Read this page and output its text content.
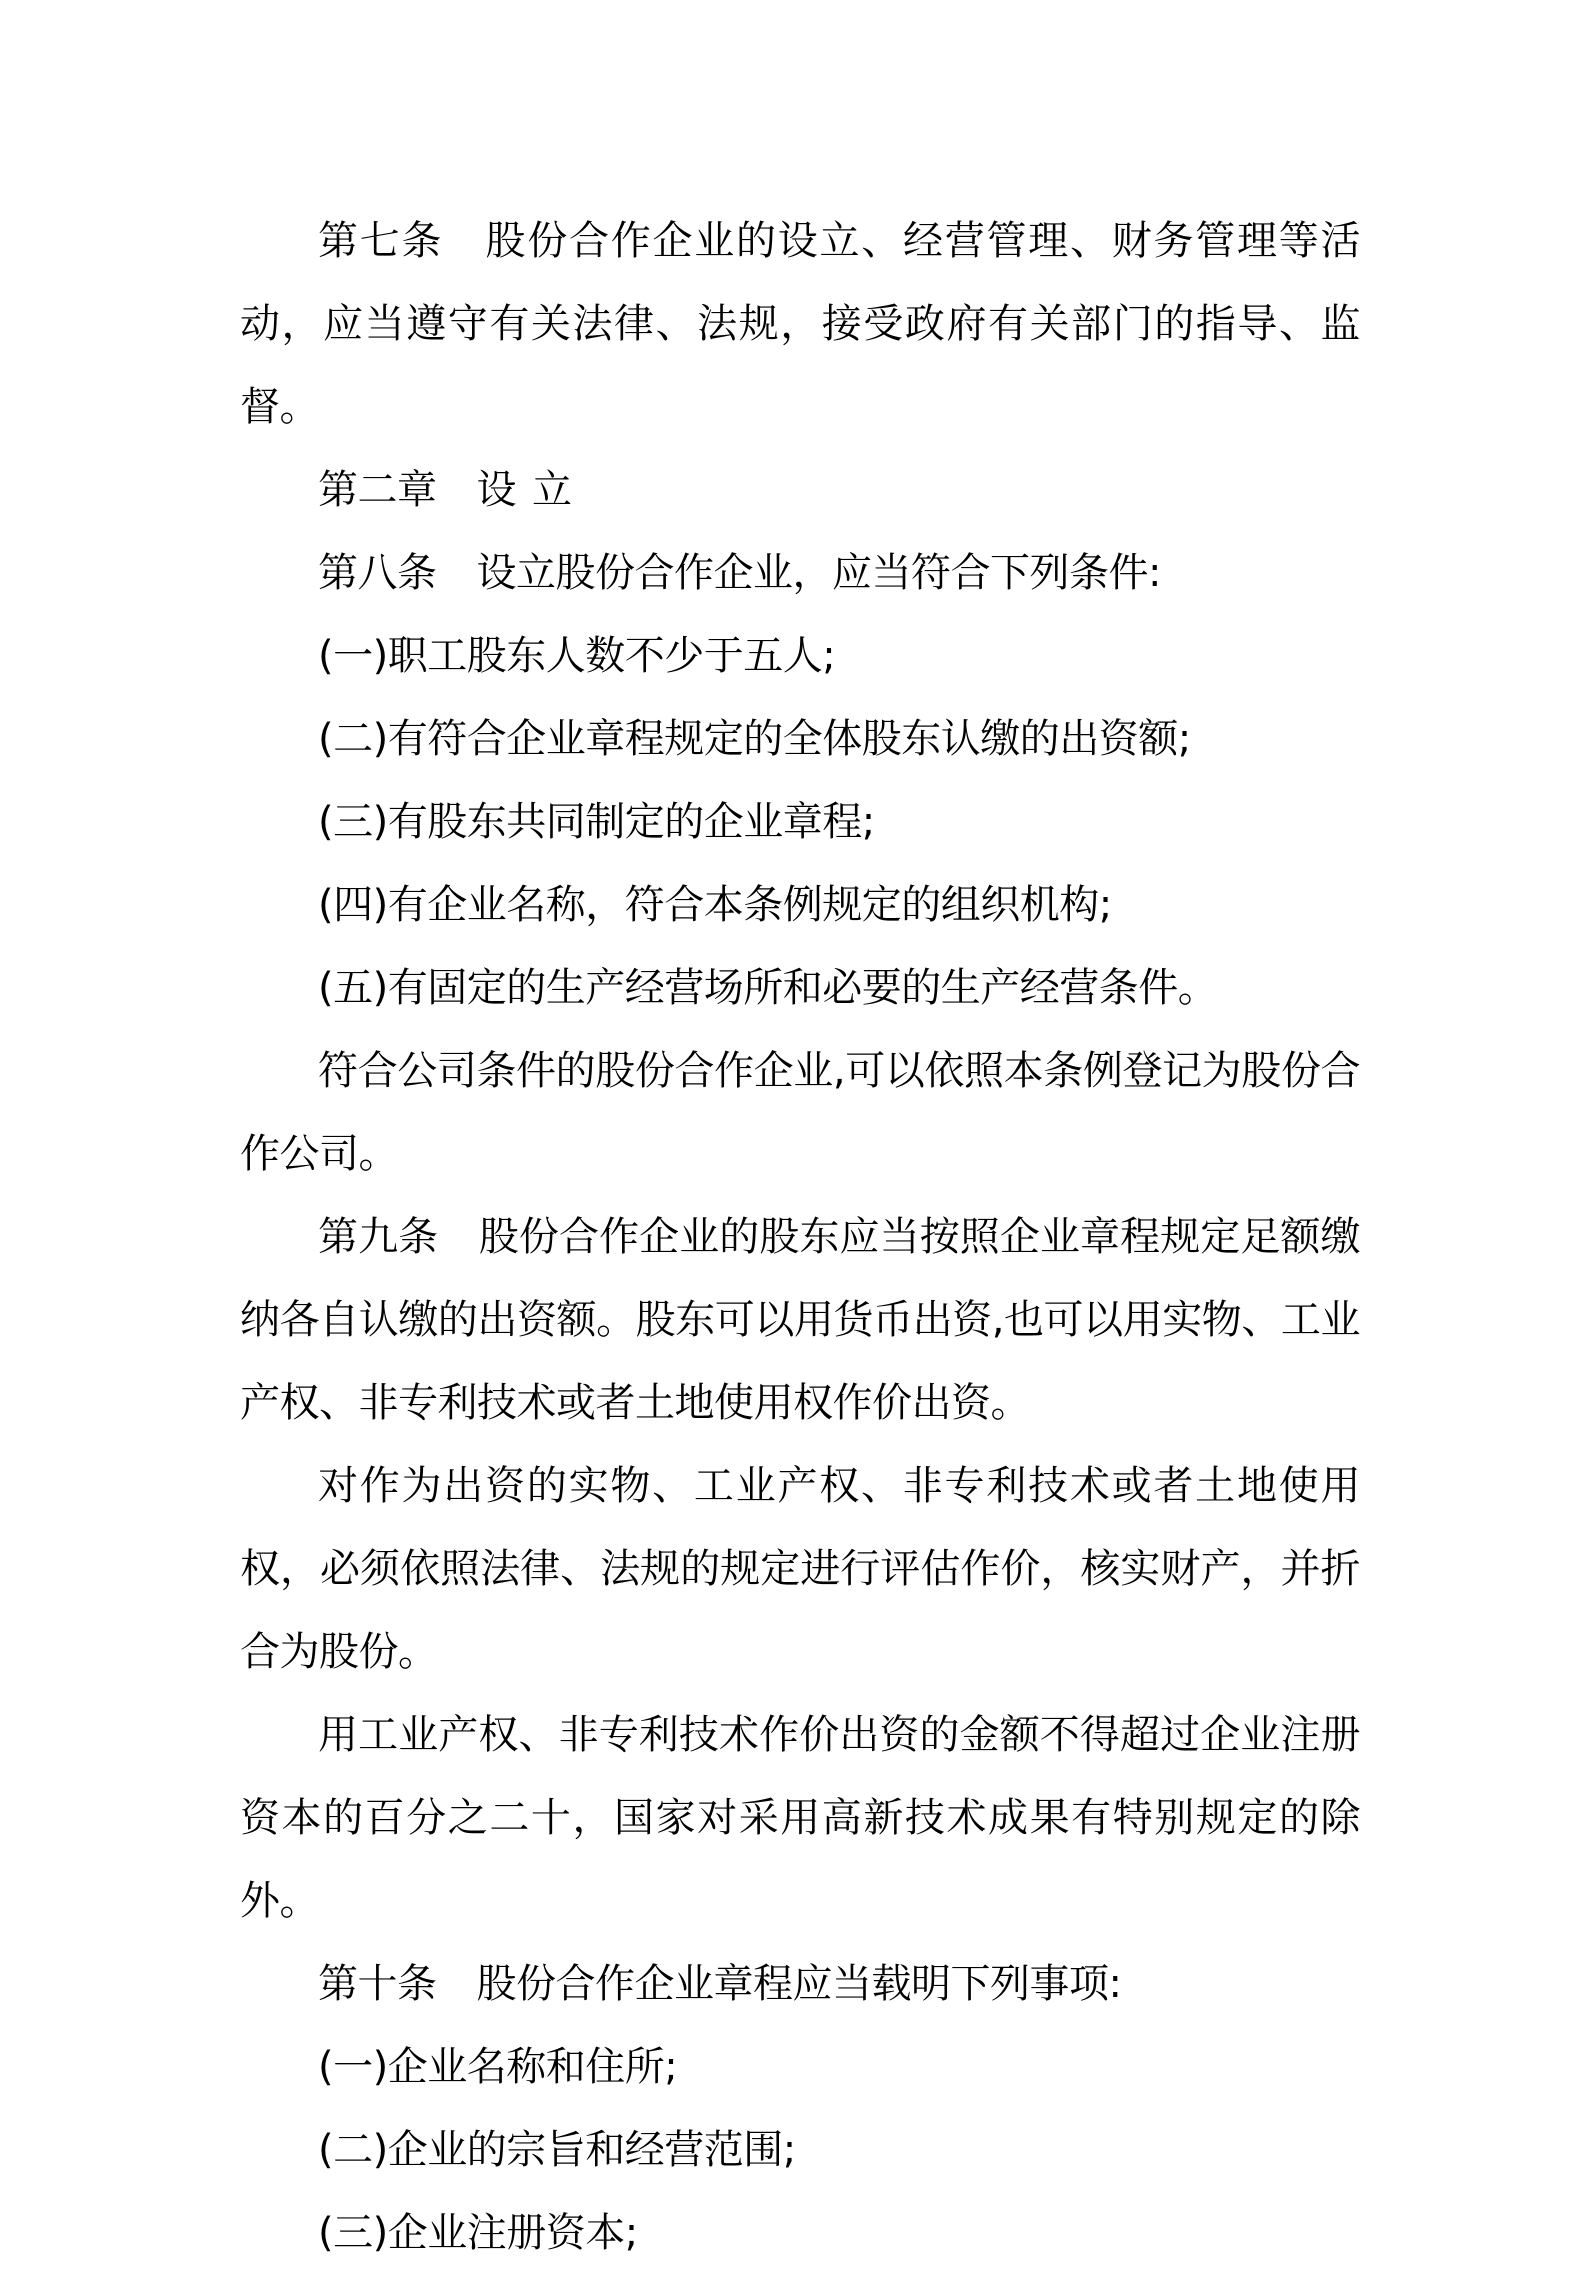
第七条 股份合作企业的设立、经营管理、财务管理等活动，应当遵守有关法律、法规，接受政府有关部门的指导、监督。

第二章 设 立

第八条 设立股份合作企业，应当符合下列条件:

(一)职工股东人数不少于五人;

(二)有符合企业章程规定的全体股东认缴的出资额;

(三)有股东共同制定的企业章程;

(四)有企业名称，符合本条例规定的组织机构;

(五)有固定的生产经营场所和必要的生产经营条件。

符合公司条件的股份合作企业,可以依照本条例登记为股份合作公司。

第九条 股份合作企业的股东应当按照企业章程规定足额缴纳各自认缴的出资额。股东可以用货币出资,也可以用实物、工业产权、非专利技术或者土地使用权作价出资。

对作为出资的实物、工业产权、非专利技术或者土地使用权，必须依照法律、法规的规定进行评估作价，核实财产，并折合为股份。

用工业产权、非专利技术作价出资的金额不得超过企业注册资本的百分之二十，国家对采用高新技术成果有特别规定的除外。

第十条 股份合作企业章程应当载明下列事项:

(一)企业名称和住所;

(二)企业的宗旨和经营范围;

(三)企业注册资本;
